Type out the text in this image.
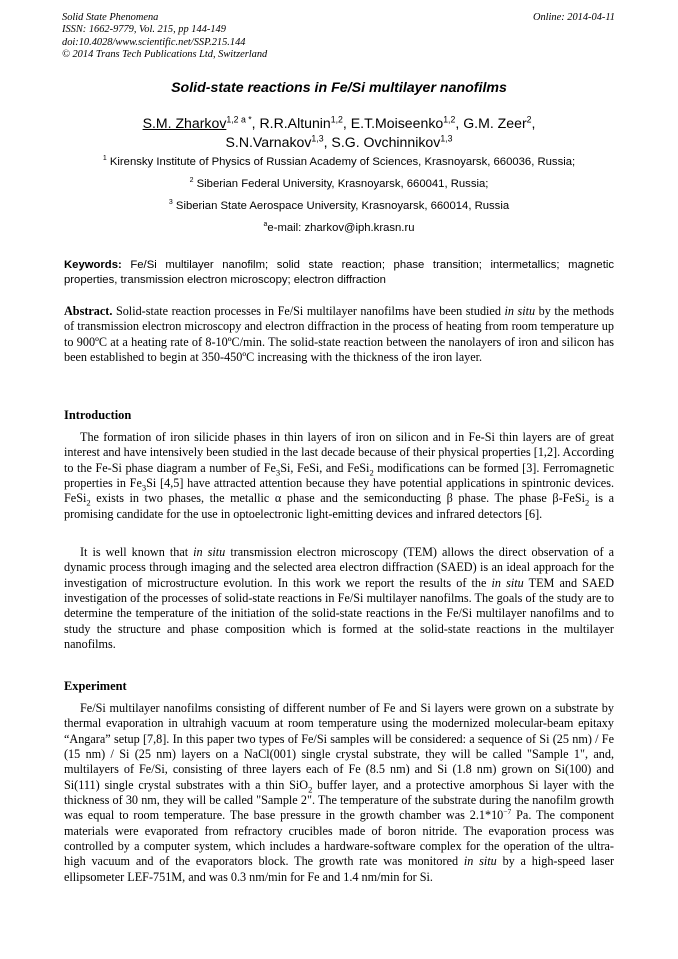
Solid State Phenomena
ISSN: 1662-9779, Vol. 215, pp 144-149
doi:10.4028/www.scientific.net/SSP.215.144
© 2014 Trans Tech Publications Ltd, Switzerland
Online: 2014-04-11
Solid-state reactions in Fe/Si multilayer nanofilms
S.M. Zharkov$^{1,2 a *}$, R.R.Altunin$^{1,2}$, E.T.Moiseenko$^{1,2}$, G.M. Zeer$^2$,
S.N.Varnakov$^{1,3}$, S.G. Ovchinnikov$^{1,3}$
$^1$ Kirensky Institute of Physics of Russian Academy of Sciences, Krasnoyarsk, 660036, Russia;
$^2$ Siberian Federal University, Krasnoyarsk, 660041, Russia;
$^3$ Siberian State Aerospace University, Krasnoyarsk, 660014, Russia
$^a$e-mail: zharkov@iph.krasn.ru
Keywords: Fe/Si multilayer nanofilm; solid state reaction; phase transition; intermetallics; magnetic properties, transmission electron microscopy; electron diffraction
Abstract. Solid-state reaction processes in Fe/Si multilayer nanofilms have been studied in situ by the methods of transmission electron microscopy and electron diffraction in the process of heating from room temperature up to 900ºC at a heating rate of 8-10ºC/min. The solid-state reaction between the nanolayers of iron and silicon has been established to begin at 350-450ºC increasing with the thickness of the iron layer.
Introduction
The formation of iron silicide phases in thin layers of iron on silicon and in Fe-Si thin layers are of great interest and have intensively been studied in the last decade because of their physical properties [1,2]. According to the Fe-Si phase diagram a number of $Fe_3Si$, FeSi, and FeSi$_2$ modifications can be formed [3]. Ferromagnetic properties in $Fe_3Si$ [4,5] have attracted attention because they have potential applications in spintronic devices. FeSi$_2$ exists in two phases, the metallic α phase and the semiconducting β phase. The phase β-FeSi$_2$ is a promising candidate for the use in optoelectronic light-emitting devices and infrared detectors [6].
It is well known that in situ transmission electron microscopy (TEM) allows the direct observation of a dynamic process through imaging and the selected area electron diffraction (SAED) is an ideal approach for the investigation of microstructure evolution. In this work we report the results of the in situ TEM and SAED investigation of the processes of solid-state reactions in Fe/Si multilayer nanofilms. The goals of the study are to determine the temperature of the initiation of the solid-state reactions in the Fe/Si multilayer nanofilms and to study the structure and phase composition which is formed at the solid-state reactions in the multilayer nanofilms.
Experiment
Fe/Si multilayer nanofilms consisting of different number of Fe and Si layers were grown on a substrate by thermal evaporation in ultrahigh vacuum at room temperature using the modernized molecular-beam epitaxy “Angara” setup [7,8]. In this paper two types of Fe/Si samples will be considered: a sequence of Si (25 nm) / Fe (15 nm) / Si (25 nm) layers on a NaCl(001) single crystal substrate, they will be called "Sample 1", and, multilayers of Fe/Si, consisting of three layers each of Fe (8.5 nm) and Si (1.8 nm) grown on Si(100) and Si(111) single crystal substrates with a thin SiO$_2$ buffer layer, and a protective amorphous Si layer with the thickness of 30 nm, they will be called "Sample 2". The temperature of the substrate during the nanofilm growth was equal to room temperature. The base pressure in the growth chamber was $2.1*10^{-7}$ Pa. The component materials were evaporated from refractory crucibles made of boron nitride. The evaporation process was controlled by a computer system, which includes a hardware-software complex for the operation of the ultra-high vacuum and of the evaporators block. The growth rate was monitored in situ by a high-speed laser ellipsometer LEF-751M, and was 0.3 nm/min for Fe and 1.4 nm/min for Si.
